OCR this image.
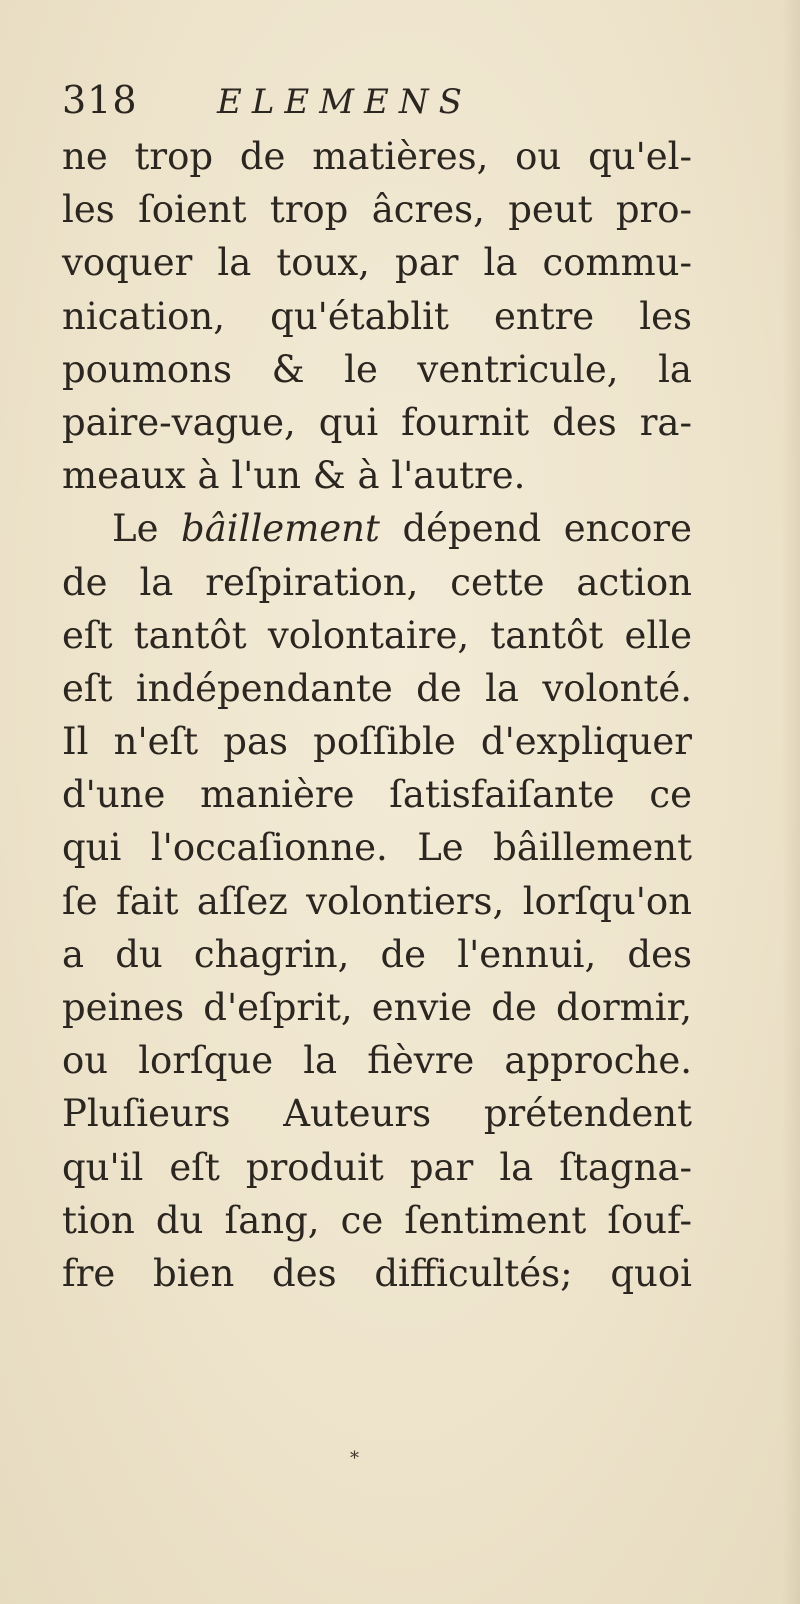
318	ELEMENS
ne trop de matières, ou qu'el-
les ſoient trop âcres, peut pro-
voquer la toux, par la commu-
nication, qu'établit entre les
poumons & le ventricule, la
paire-vague, qui fournit des ra-
meaux à l'un & à l'autre.
Le bâillement dépend encore
de la reſpiration, cette action
eſt tantôt volontaire, tantôt elle
eſt indépendante de la volonté.
Il n'eſt pas poſſible d'expliquer
d'une manière ſatisfaiſante ce
qui l'occaſionne. Le bâillement
ſe fait aſſez volontiers, lorſqu'on
a du chagrin, de l'ennui, des
peines d'eſprit, envie de dormir,
ou lorſque la fièvre approche.
Pluſieurs Auteurs prétendent
qu'il eſt produit par la ſtagna-
tion du ſang, ce ſentiment ſouf-
fre bien des difficultés; quoi
*
